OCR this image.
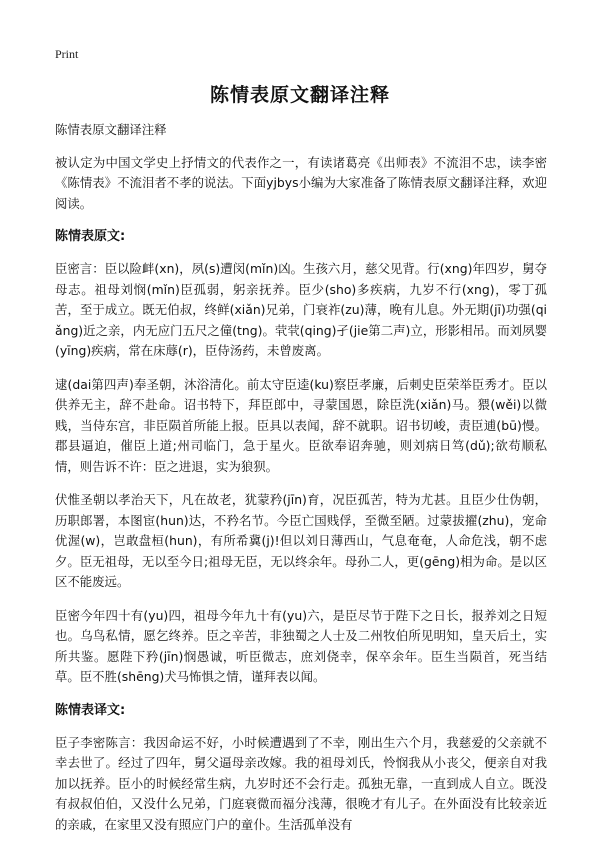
Print
陈情表原文翻译注释

陈情表原文翻译注释

被认定为中国文学史上抒情文的代表作之一，有读诸葛亮《出师表》不流泪不忠，读李密《陈情表》不流泪者不孝的说法。下面yjbys小编为大家准备了陈情表原文翻译注释，欢迎阅读。

陈情表原文:

臣密言：臣以险衅(xn)，夙(s)遭闵(mǐn)凶。生孩六月，慈父见背。行(xng)年四岁，舅夺母志。祖母刘悯(mǐn)臣孤弱，躬亲抚养。臣少(sho)多疾病，九岁不行(xng)，零丁孤苦，至于成立。既无伯叔，终鲜(xiǎn)兄弟，门衰祚(zu)薄，晚有儿息。外无期(jī)功强(qiǎng)近之亲，内无应门五尺之僮(tng)。茕茕(qing)孑(jie第二声)立，形影相吊。而刘夙婴(yīng)疾病，常在床蓐(r)，臣侍汤药，未曾废离。

逮(dai第四声)奉圣朝，沐浴清化。前太守臣逵(ku)察臣孝廉，后刺史臣荣举臣秀才。臣以供养无主，辞不赴命。诏书特下，拜臣郎中，寻蒙国恩，除臣洗(xiǎn)马。猥(wěi)以微贱，当侍东宫，非臣陨首所能上报。臣具以表闻，辞不就职。诏书切峻，责臣逋(bū)慢。郡县逼迫，催臣上道;州司临门，急于星火。臣欲奉诏奔驰，则刘病日笃(dǔ);欲苟顺私情，则告诉不许：臣之进退，实为狼狈。

伏惟圣朝以孝治天下，凡在故老，犹蒙矜(jīn)育，况臣孤苦，特为尤甚。且臣少仕伪朝，历职郎署，本图宦(hun)达，不矜名节。今臣亡国贱俘，至微至陋。过蒙拔擢(zhu)，宠命优渥(w)，岂敢盘桓(hun)，有所希冀(j)!但以刘日薄西山，气息奄奄，人命危浅，朝不虑夕。臣无祖母，无以至今日;祖母无臣，无以终余年。母孙二人，更(gēng)相为命。是以区区不能废远。

臣密今年四十有(yu)四，祖母今年九十有(yu)六，是臣尽节于陛下之日长，报养刘之日短也。乌鸟私情，愿乞终养。臣之辛苦，非独蜀之人士及二州牧伯所见明知，皇天后土，实所共鉴。愿陛下矜(jīn)悯愚诚，听臣微志，庶刘侥幸，保卒余年。臣生当陨首，死当结草。臣不胜(shēng)犬马怖惧之情，谨拜表以闻。

陈情表译文:

臣子李密陈言：我因命运不好，小时候遭遇到了不幸，刚出生六个月，我慈爱的父亲就不幸去世了。经过了四年，舅父逼母亲改嫁。我的祖母刘氏，怜悯我从小丧父，便亲自对我加以抚养。臣小的时候经常生病，九岁时还不会行走。孤独无靠，一直到成人自立。既没有叔叔伯伯，又没什么兄弟，门庭衰微而福分浅薄，很晚才有儿子。在外面没有比较亲近的亲戚，在家里又没有照应门户的童仆。生活孤单没有
